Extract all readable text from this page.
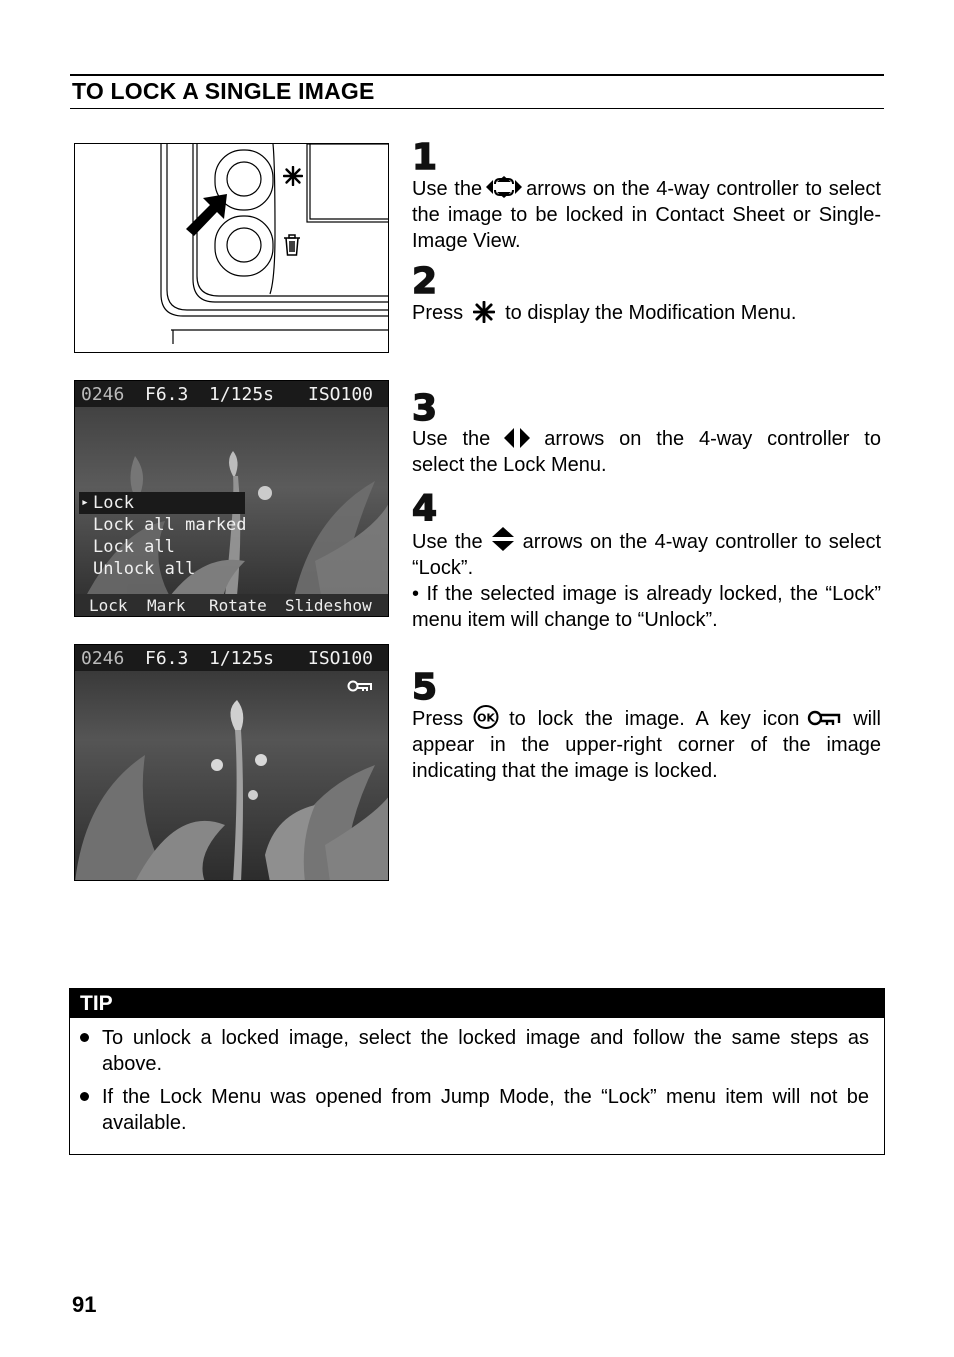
TO LOCK A SINGLE IMAGE
1
Use the arrows on the 4-way controller to select the image to be locked in Contact Sheet or Single-Image View.
2
Press to display the Modification Menu.
0246 F6.3 1/125s ISO100
▸ Lock
Lock all marked
Lock all
Unlock all
Lock Mark Rotate Slideshow
3
Use the	arrows on the 4-way controller to select the Lock Menu.
4
Use the arrows on the 4-way controller to select “Lock”.
• If the selected image is already locked, the “Lock” menu item will change to “Unlock”.
0246 F6.3 1/125s ISO100
5
Press OK to lock the image. A key icon	will appear in the upper-right corner of the image indicating that the image is locked.
TIP
To unlock a locked image, select the locked image and follow the same steps as above.
If the Lock Menu was opened from Jump Mode, the “Lock” menu item will not be available.
91
